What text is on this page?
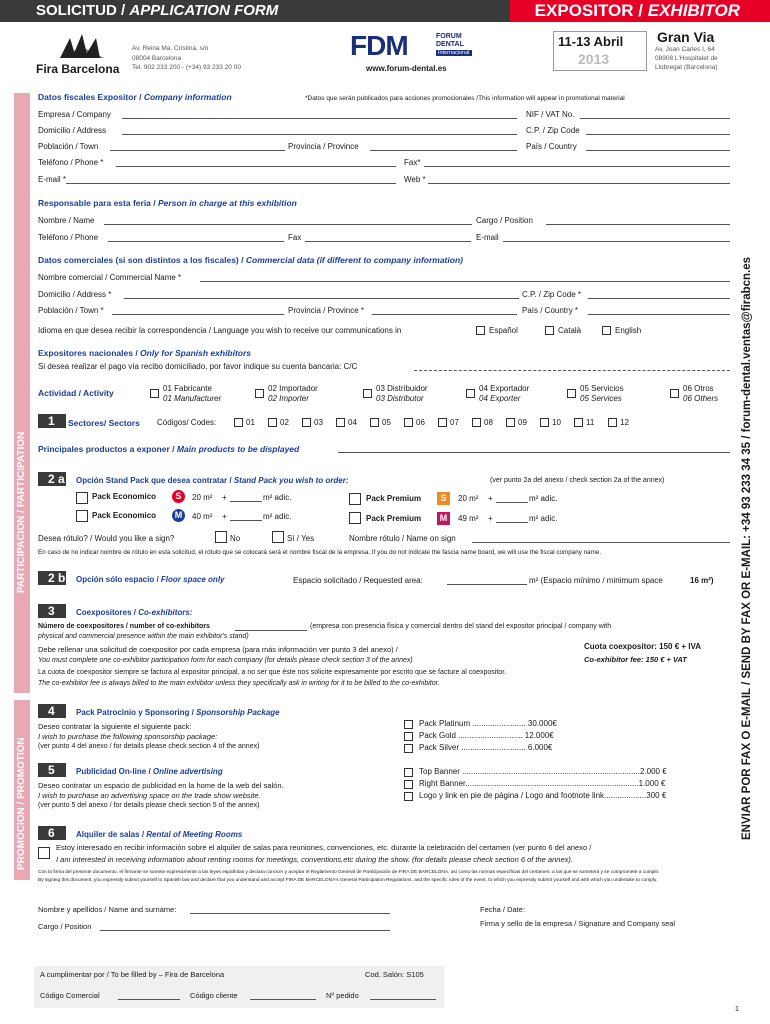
SOLICITUD / APPLICATION FORM	EXPOSITOR / EXHIBITOR
Fira Barcelona
Av. Reina Ma. Cristina, s/n
08004 Barcelona
Tel. 902 233 200 - (+34) 93 233 20 00
FDM	FORUM
DENTAL
Internacional
www.forum-dental.es
11-13 Abril
2013
Gran Via
Av. Joan Carles I, 64
08908 L'Hospitalet de
Llobregat (Barcelona)
PARTICIPACION / PARTICIPATION
PROMOCION / PROMOTION	ENVIAR POR FAX O E-MAIL / SEND BY FAX OR E-MAIL: +34 93 233 34 35 / forum-dental.ventas@firabcn.es
Datos fiscales Expositor / Company information	*Datos que serán publicados para acciones promocionales /This information will appear in promotional material
Empresa / Company	NIF / VAT No.
Domicilio / Address	C.P. / Zip Code
Población / Town	Provincia / Province	País / Country
Teléfono / Phone *	Fax*
E-mail *	Web *
Responsable para esta feria / Person in charge at this exhibition
Nombre / Name	Cargo / Position
Teléfono / Phone	Fax	E-mail
Datos comerciales (si son distintos a los fiscales) / Commercial data (if different to company information)
Nombre comercial / Commercial Name *
Domicilio / Address *	C.P. / Zip Code *
Población / Town *	Provincia / Province *	País / Country *
Idioma en que desea recibir la correspondencia / Language you wish to receive our communications in	Español	Català	English
Expositores nacionales / Only for Spanish exhibitors
Si desea realizar el pago vía recibo domiciliado, por favor indique su cuenta bancaria: C/C
Actividad / Activity	01 Fabricante
01 Manufacturer
02 Importador
02 Importer
03 Distribuidor
03 Distributor
04 Exportador
04 Exporter
05 Servicios
05 Services
06 Otros
06 Others
1	Sectores/ Sectors Códigos/ Codes:	01	02	03	04	05	06	07	08	09	10	11	12
Principales productos a exponer / Main products to be displayed
2 a Opción Stand Pack que desea contratar / Stand Pack you wish to order:	(ver punto 2a del anexo / check section 2a of the annex)
Pack Economico	S	20 m² +	m² adic.
Pack Economico	M	40 m² +	m² adic.
Pack Premium	S	20 m² +	m² adic.
Pack Premium	M	49 m² +	m² adic.
Desea rótulo? / Would you like a sign?	No	Sí / Yes	Nombre rótulo / Name on sign
En caso de no indicar nombre de rótulo en esta solicitud, el rótulo que se colocará será el nombre fiscal de la empresa. If you do not indicate the fascia name board, we will use the fiscal company name.
2 b Opción sólo espacio / Floor space only	Espacio solicitado / Requested area:	m² (Espacio mínimo / minimum space	16 m²)
3	Coexpositores / Co-exhibitors:
Número de coexpositores / number of co-exhibitors	(empresa con presencia física y comercial dentro del stand del expositor principal / company with
physical and commercial presence within the main exhibitor's stand)
Debe rellenar una solicitud de coexpositor por cada empresa (para más información ver punto 3 del anexo) /
You must complete one co-exhibitor participation form for each company (for details please check section 3 of the annex)
Cuota coexpositor: 150 € + IVA
Co-exhibitor fee: 150 € + VAT
La cuota de coexpositor siempre se factura al expositor principal, a no ser que éste nos solicite expresamente por escrito que se facture al coexpositor.
The co-exhibitor fee is always billed to the main exhibitor unless they specifically ask in writing for it to be billed to the co-exhibitor.
4	Pack Patrocinio y Sponsoring / Sponsorship Package
Deseo contratar la siguiente el siguiente pack:
I wish to purchase the following sponsorship package:
(ver punto 4 del anexo / for details please check section 4 of the annex)
Pack Platinum ........................ 30.000€
Pack Gold ............................. 12.000€
Pack Silver ............................. 6.000€
5	Publicidad On-line / Online advertising
Deseo contratar un espacio de publicidad en la home de la web del salón.
I wish to purchase an advertising space on the trade show website.
(ver punto 5 del anexo / for details please check section 5 of the annex)
Top Banner ................................................................................2.000 €
Right Banner..............................................................................1.000 €
Logo y link en pie de página / Logo and footnote link...................300 €
6	Alquiler de salas / Rental of Meeting Rooms
Estoy interesado en recibir información sobre el alquiler de salas para reuniones, convenciones, etc. durante la celebración del certamen (ver punto 6 del anexo /
I am interested in receiving information about renting rooms for meetings, conventions,etc during the show. (for details please check section 6 of the annex).
Con la firma del presente documento, el firmante se somete expresamente a las leyes españolas y declara conocer y aceptar el Reglamento General de Participación de FIRA DE BARCELONA, así como las normas específicas del certamen, a las que se someterá y se compromete a cumplir.
By signing this document, you expressly submit yourself to Spanish law and declare that you understand and accept FIRA DE BARCELONA's General Participation Regulations, and the specific rules of the event, to which you expressly submit yourself and with which you undertake to comply.
Nombre y apellidos / Name and surname:	Fecha / Date:
Cargo / Position	Firma y sello de la empresa / Signature and Company seal
A cumplimentar por / To be filled by – Fira de Barcelona	Cod. Salón: S105
Código Comercial	Código cliente	Nº pedido
1
